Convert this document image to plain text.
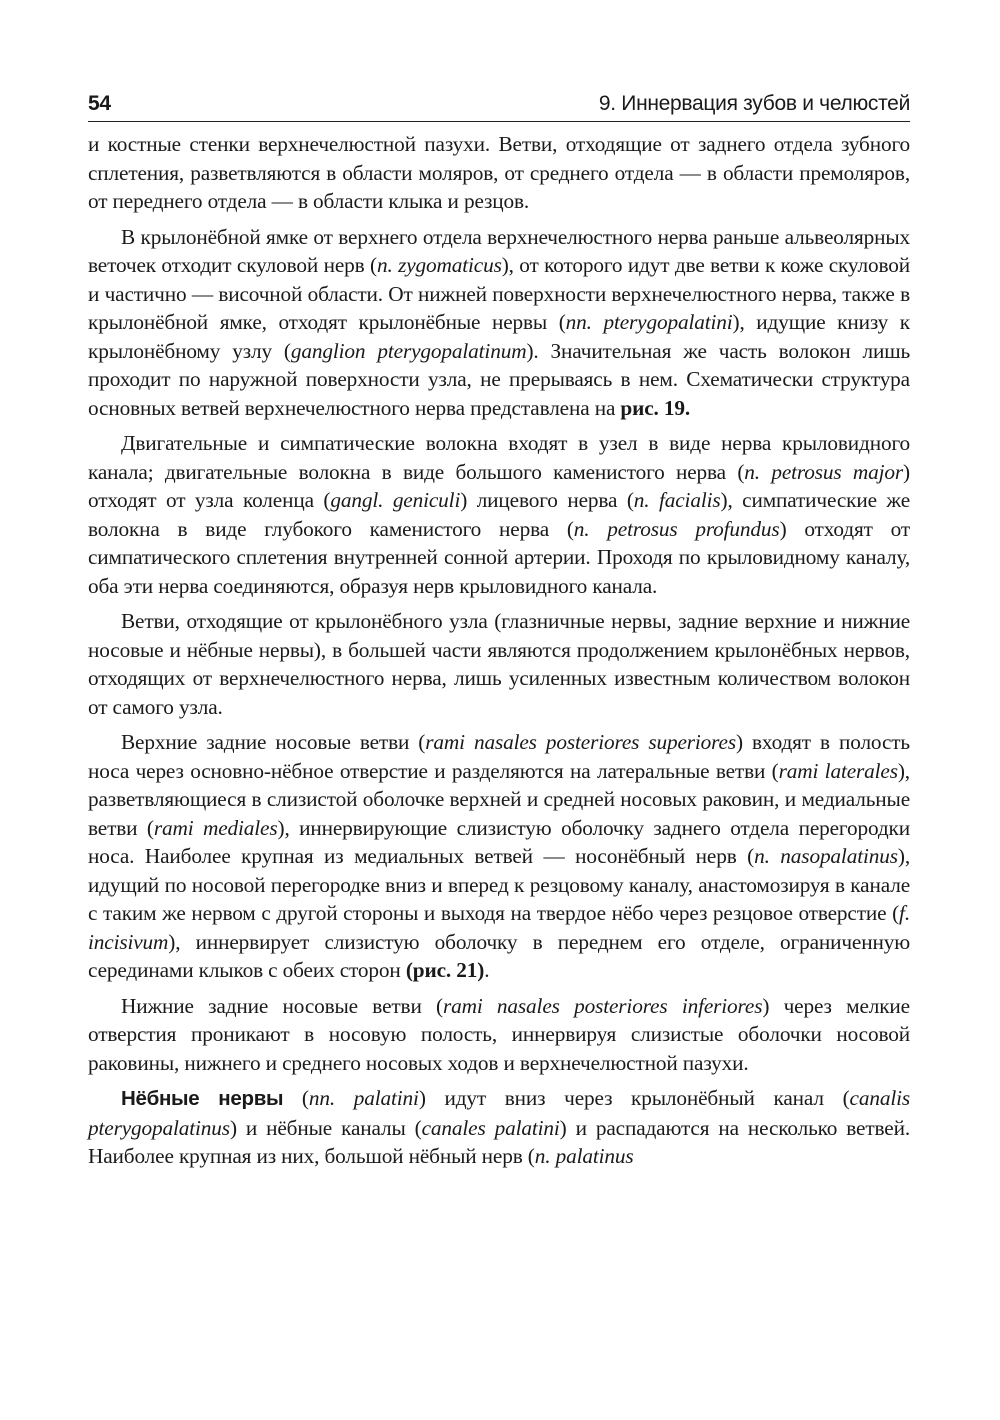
54	9. Иннервация зубов и челюстей

и костные стенки верхнечелюстной пазухи. Ветви, отходящие от заднего отдела зубного сплетения, разветвляются в области моляров, от среднего отдела — в области премоляров, от переднего отдела — в области клыка и резцов.

В крылонёбной ямке от верхнего отдела верхнечелюстного нерва раньше альвеолярных веточек отходит скуловой нерв (n. zygomaticus), от которого идут две ветви к коже скуловой и частично — височной области. От нижней поверхности верхнечелюстного нерва, также в крылонёбной ямке, отходят крылонёбные нервы (nn. pterygopalatini), идущие книзу к крылонёбному узлу (ganglion pterygopalatinum). Значительная же часть волокон лишь проходит по наружной поверхности узла, не прерываясь в нем. Схематически структура основных ветвей верхнечелюстного нерва представлена на рис. 19.

Двигательные и симпатические волокна входят в узел в виде нерва крыловидного канала; двигательные волокна в виде большого каменистого нерва (n. petrosus major) отходят от узла коленца (gangl. geniculi) лицевого нерва (n. facialis), симпатические же волокна в виде глубокого каменистого нерва (n. petrosus profundus) отходят от симпатического сплетения внутренней сонной артерии. Проходя по крыловидному каналу, оба эти нерва соединяются, образуя нерв крыловидного канала.

Ветви, отходящие от крылонёбного узла (глазничные нервы, задние верхние и нижние носовые и нёбные нервы), в большей части являются продолжением крылонёбных нервов, отходящих от верхнечелюстного нерва, лишь усиленных известным количеством волокон от самого узла.

Верхние задние носовые ветви (rami nasales posteriores superiores) входят в полость носа через основно-нёбное отверстие и разделяются на латеральные ветви (rami laterales), разветвляющиеся в слизистой оболочке верхней и средней носовых раковин, и медиальные ветви (rami mediales), иннервирующие слизистую оболочку заднего отдела перегородки носа. Наиболее крупная из медиальных ветвей — носонёбный нерв (n. nasopalatinus), идущий по носовой перегородке вниз и вперед к резцовому каналу, анастомозируя в канале с таким же нервом с другой стороны и выходя на твердое нёбо через резцовое отверстие (f. incisivum), иннервирует слизистую оболочку в переднем его отделе, ограниченную серединами клыков с обеих сторон (рис. 21).

Нижние задние носовые ветви (rami nasales posteriores inferiores) через мелкие отверстия проникают в носовую полость, иннервируя слизистые оболочки носовой раковины, нижнего и среднего носовых ходов и верхнечелюстной пазухи.

Нёбные нервы (nn. palatini) идут вниз через крылонёбный канал (canalis pterygopalatinus) и нёбные каналы (canales palatini) и распадаются на несколько ветвей. Наиболее крупная из них, большой нёбный нерв (n. palatinus
